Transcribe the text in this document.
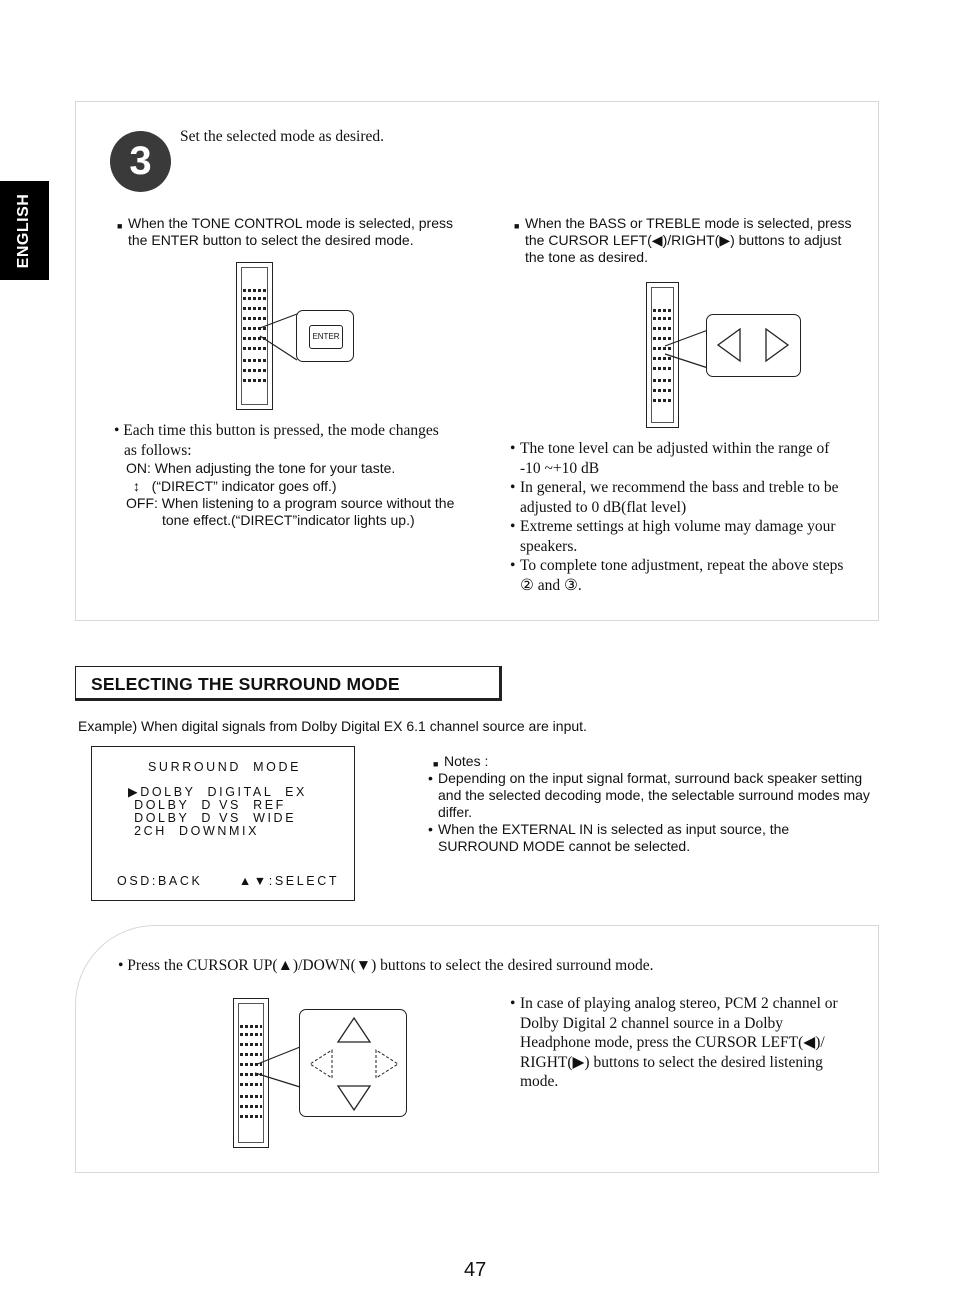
ENGLISH
3
Set the selected mode as desired.
■ When the TONE CONTROL mode is selected, press
the ENTER button to select the desired mode.
ENTER
• Each time this button is pressed, the mode changes
as follows:
ON: When adjusting the tone for your taste.
↕   (“DIRECT” indicator goes off.)
OFF: When listening to a program source without the
tone effect.(“DIRECT”indicator lights up.)
■ When the BASS or TREBLE mode is selected, press
the CURSOR LEFT(◀)/RIGHT(▶) buttons to adjust
the tone as desired.
• The tone level can be adjusted within the range of
-10 ~+10 dB
• In general, we recommend the bass and treble to be
adjusted to 0 dB(flat level)
• Extreme settings at high volume may damage your
speakers.
• To complete tone adjustment, repeat the above steps
② and ③.
SELECTING THE SURROUND MODE
Example) When digital signals from Dolby Digital EX 6.1 channel source are input.
SURROUND  MODE
▶DOLBY  DIGITAL  EX
DOLBY  D VS  REF
DOLBY  D VS  WIDE
2CH  DOWNMIX
OSD:BACK      ▲▼:SELECT
■ Notes :
• Depending on the input signal format, surround back speaker setting
and the selected decoding mode, the selectable surround modes may
differ.
• When the EXTERNAL IN is selected as input source, the
SURROUND MODE cannot be selected.
• Press the CURSOR UP(▲)/DOWN(▼) buttons to select the desired surround mode.
• In case of playing analog stereo, PCM 2 channel or
Dolby Digital 2 channel source in a Dolby
Headphone mode, press the CURSOR LEFT(◀)/
RIGHT(▶) buttons to select the desired listening
mode.
47
